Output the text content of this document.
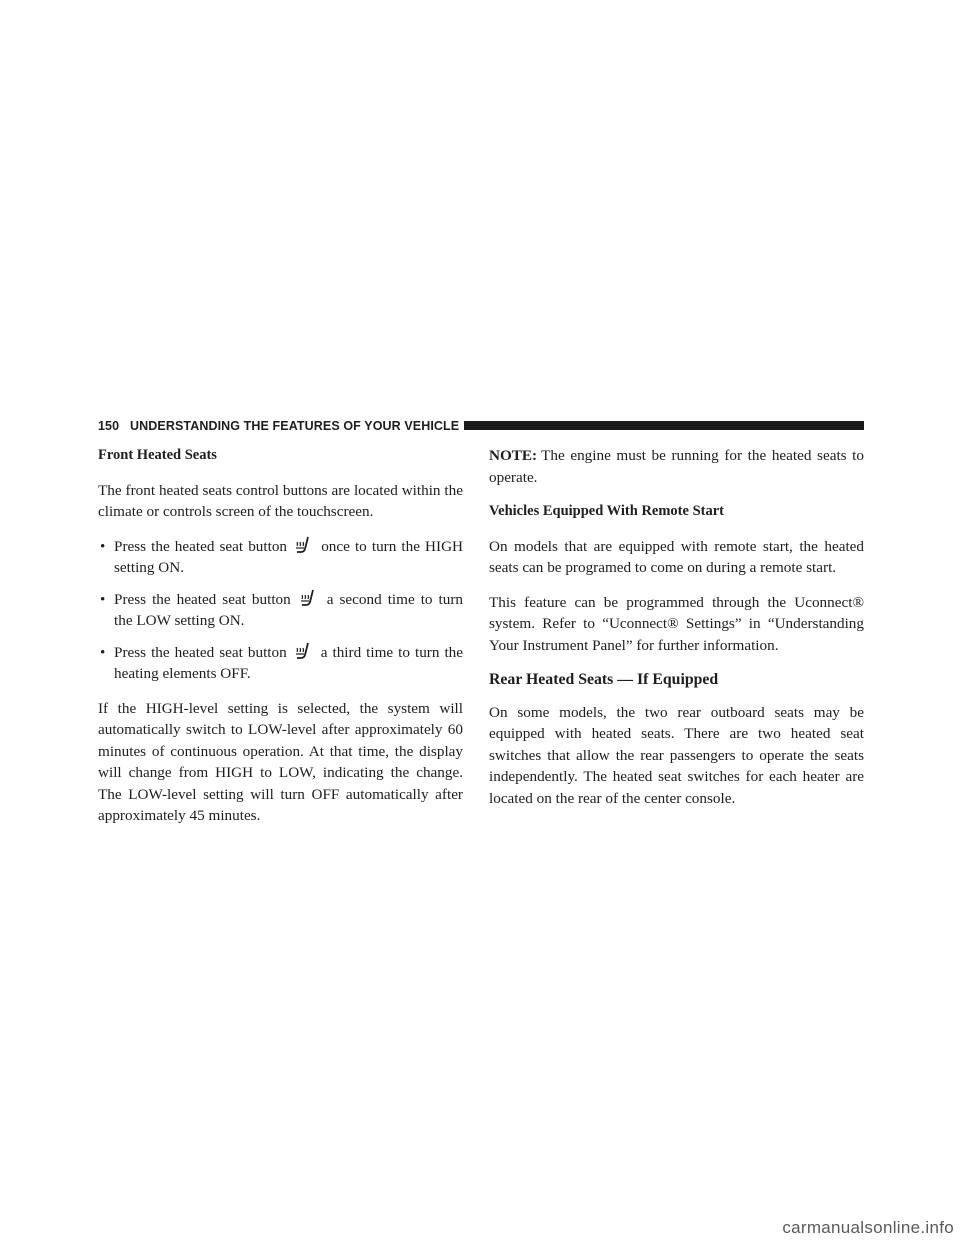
150 UNDERSTANDING THE FEATURES OF YOUR VEHICLE
Front Heated Seats

The front heated seats control buttons are located within the climate or controls screen of the touchscreen.

• Press the heated seat button once to turn the HIGH setting ON.
• Press the heated seat button a second time to turn the LOW setting ON.
• Press the heated seat button a third time to turn the heating elements OFF.

If the HIGH-level setting is selected, the system will automatically switch to LOW-level after approximately 60 minutes of continuous operation. At that time, the display will change from HIGH to LOW, indicating the change. The LOW-level setting will turn OFF automatically after approximately 45 minutes.

NOTE: The engine must be running for the heated seats to operate.

Vehicles Equipped With Remote Start

On models that are equipped with remote start, the heated seats can be programed to come on during a remote start.

This feature can be programmed through the Uconnect® system. Refer to “Uconnect® Settings” in “Understanding Your Instrument Panel” for further information.

Rear Heated Seats — If Equipped

On some models, the two rear outboard seats may be equipped with heated seats. There are two heated seat switches that allow the rear passengers to operate the seats independently. The heated seat switches for each heater are located on the rear of the center console.

carmanualsonline.info
